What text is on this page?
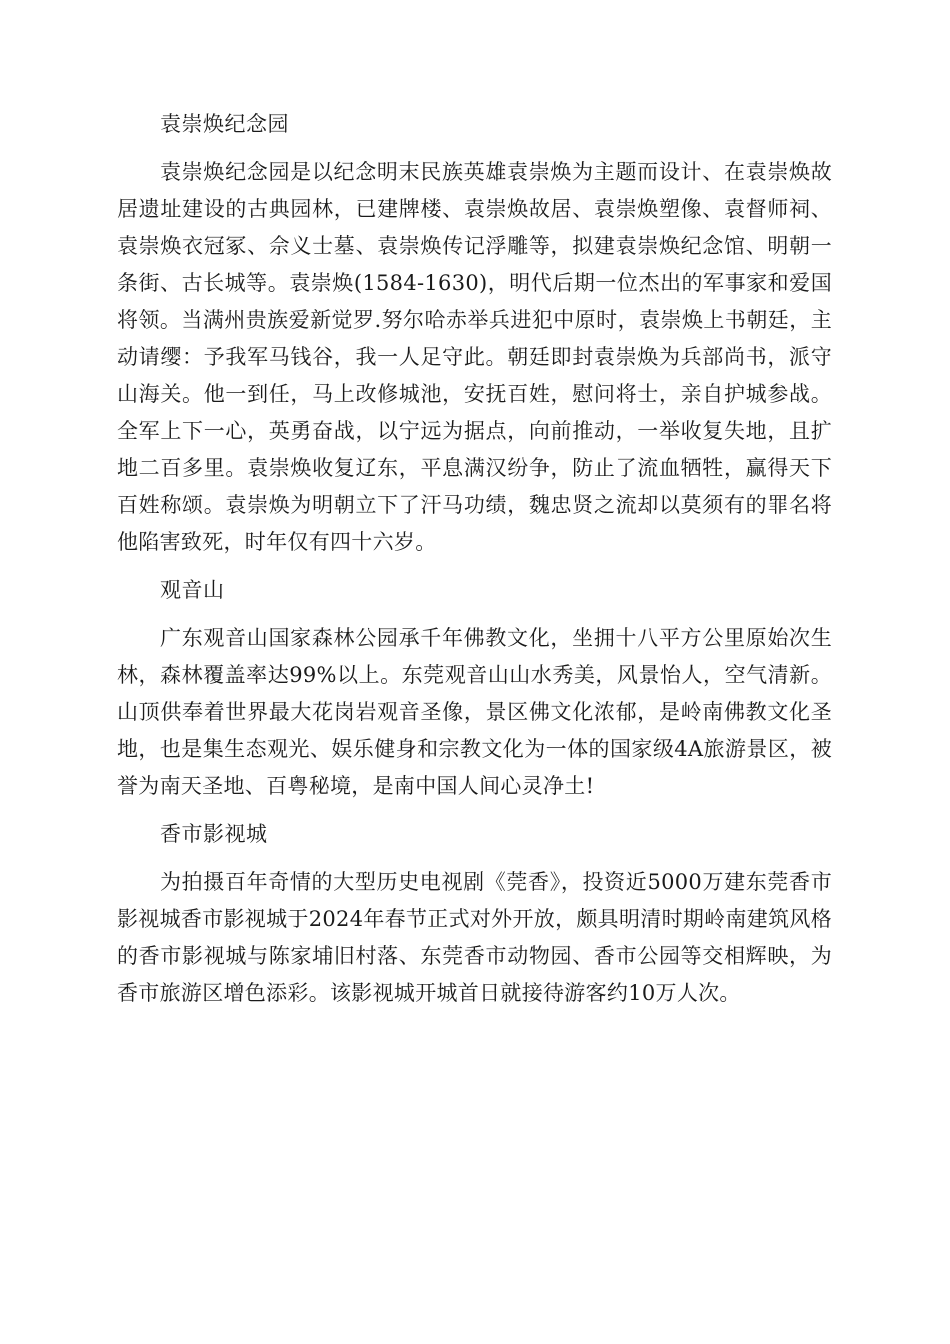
袁崇焕纪念园
袁崇焕纪念园是以纪念明末民族英雄袁崇焕为主题而设计、在袁崇焕故居遗址建设的古典园林，已建牌楼、袁崇焕故居、袁崇焕塑像、袁督师祠、袁崇焕衣冠冢、佘义士墓、袁崇焕传记浮雕等，拟建袁崇焕纪念馆、明朝一条街、古长城等。袁崇焕(1584-1630)，明代后期一位杰出的军事家和爱国将领。当满州贵族爱新觉罗.努尔哈赤举兵进犯中原时，袁崇焕上书朝廷，主动请缨：予我军马钱谷，我一人足守此。朝廷即封袁崇焕为兵部尚书，派守山海关。他一到任，马上改修城池，安抚百姓，慰问将士，亲自护城参战。全军上下一心，英勇奋战，以宁远为据点，向前推动，一举收复失地，且扩地二百多里。袁崇焕收复辽东，平息满汉纷争，防止了流血牺牲，赢得天下百姓称颂。袁崇焕为明朝立下了汗马功绩，魏忠贤之流却以莫须有的罪名将他陷害致死，时年仅有四十六岁。
观音山
广东观音山国家森林公园承千年佛教文化，坐拥十八平方公里原始次生林，森林覆盖率达99%以上。东莞观音山山水秀美，风景怡人，空气清新。山顶供奉着世界最大花岗岩观音圣像，景区佛文化浓郁，是岭南佛教文化圣地，也是集生态观光、娱乐健身和宗教文化为一体的国家级4A旅游景区，被誉为南天圣地、百粤秘境，是南中国人间心灵净土!
香市影视城
为拍摄百年奇情的大型历史电视剧《莞香》，投资近5000万建东莞香市影视城香市影视城于2024年春节正式对外开放，颇具明清时期岭南建筑风格的香市影视城与陈家埔旧村落、东莞香市动物园、香市公园等交相辉映，为香市旅游区增色添彩。该影视城开城首日就接待游客约10万人次。
